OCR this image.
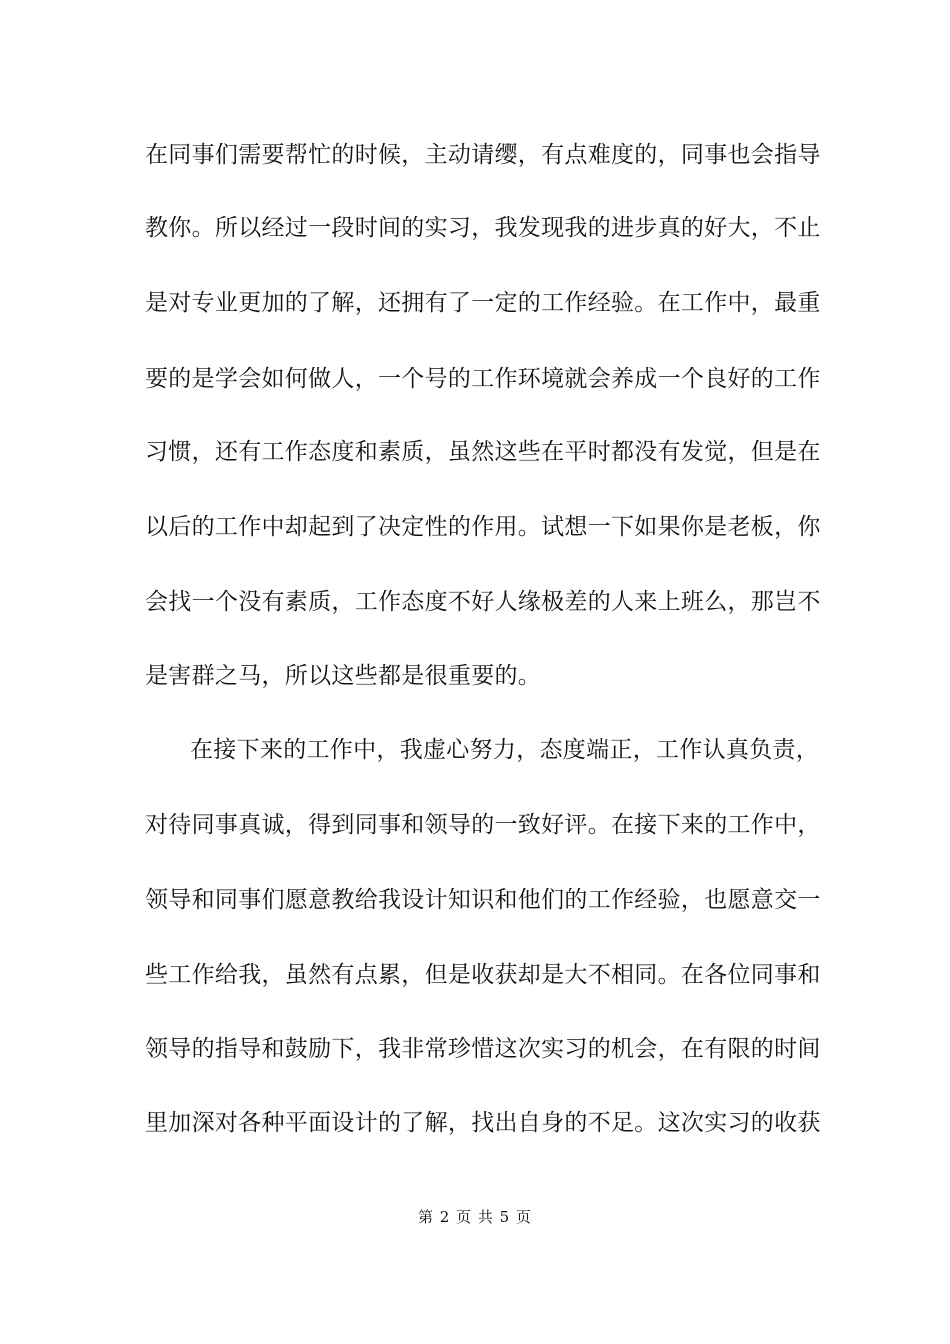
在同事们需要帮忙的时候，主动请缨，有点难度的，同事也会指导
教你。所以经过一段时间的实习，我发现我的进步真的好大，不止
是对专业更加的了解，还拥有了一定的工作经验。在工作中，最重
要的是学会如何做人，一个号的工作环境就会养成一个良好的工作
习惯，还有工作态度和素质，虽然这些在平时都没有发觉，但是在
以后的工作中却起到了决定性的作用。试想一下如果你是老板，你
会找一个没有素质，工作态度不好人缘极差的人来上班么，那岂不
是害群之马，所以这些都是很重要的。
在接下来的工作中，我虚心努力，态度端正，工作认真负责，
对待同事真诚，得到同事和领导的一致好评。在接下来的工作中，
领导和同事们愿意教给我设计知识和他们的工作经验，也愿意交一
些工作给我，虽然有点累，但是收获却是大不相同。在各位同事和
领导的指导和鼓励下，我非常珍惜这次实习的机会，在有限的时间
里加深对各种平面设计的了解，找出自身的不足。这次实习的收获
第 2 页 共 5 页
